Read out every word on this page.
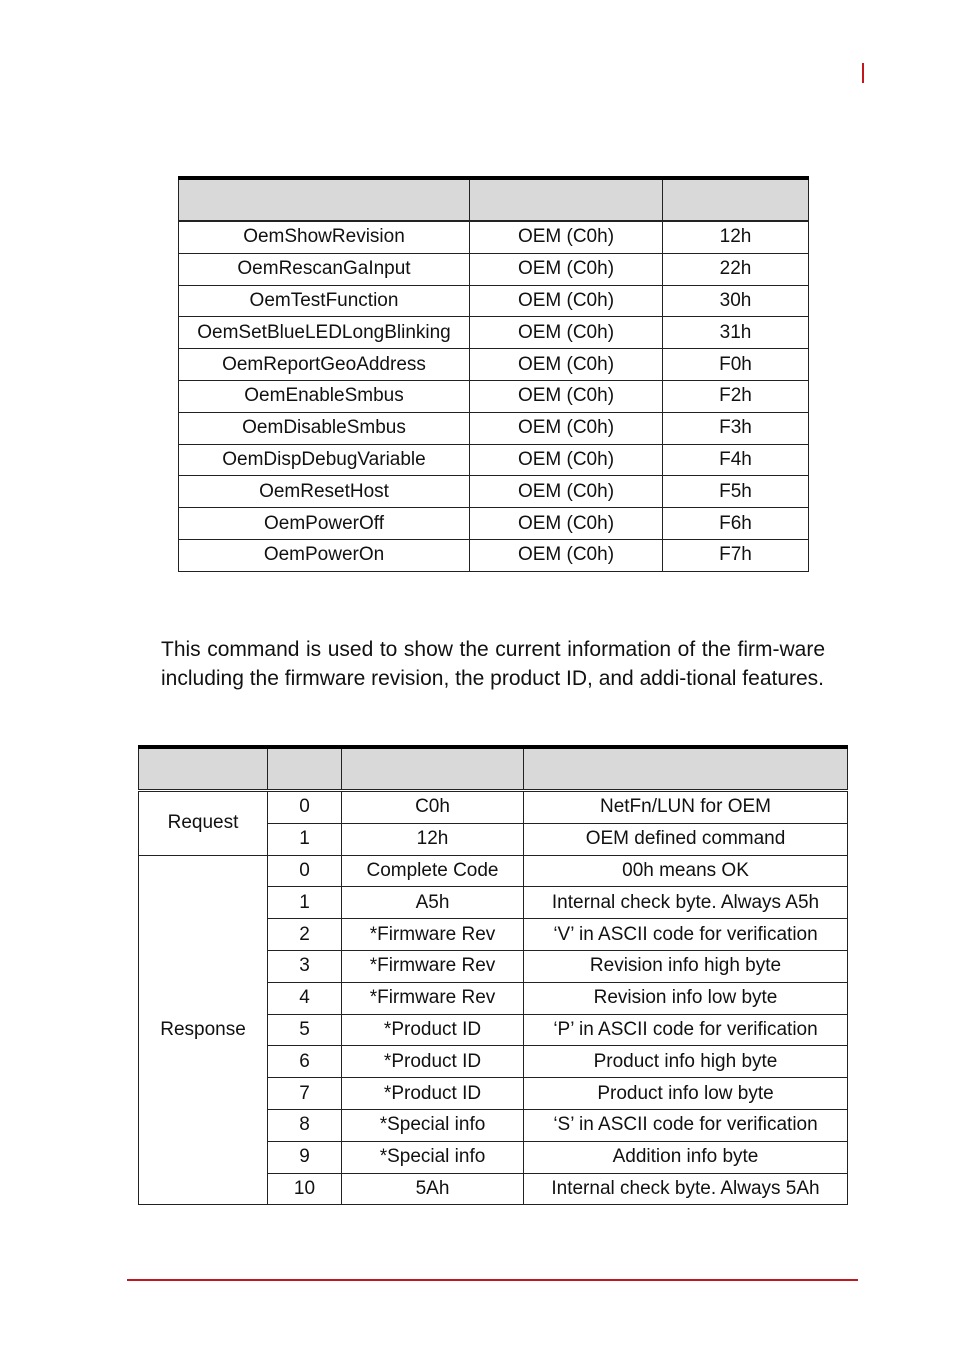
OemShowRevision	OEM (C0h)	12h
OemRescanGaInput	OEM (C0h)	22h
OemTestFunction	OEM (C0h)	30h
OemSetBlueLEDLongBlinking	OEM (C0h)	31h
OemReportGeoAddress	OEM (C0h)	F0h
OemEnableSmbus	OEM (C0h)	F2h
OemDisableSmbus	OEM (C0h)	F3h
OemDispDebugVariable	OEM (C0h)	F4h
OemResetHost	OEM (C0h)	F5h
OemPowerOff	OEM (C0h)	F6h
OemPowerOn	OEM (C0h)	F7h

This command is used to show the current information of the firm-ware including the firmware revision, the product ID, and addi-tional features.

Request	0	C0h	NetFn/LUN for OEM
	1	12h	OEM defined command
Response	0	Complete Code	00h means OK
	1	A5h	Internal check byte. Always A5h
	2	*Firmware Rev	‘V’ in ASCII code for verification
	3	*Firmware Rev	Revision info high byte
	4	*Firmware Rev	Revision info low byte
	5	*Product ID	‘P’ in ASCII code for verification
	6	*Product ID	Product info high byte
	7	*Product ID	Product info low byte
	8	*Special info	‘S’ in ASCII code for verification
	9	*Special info	Addition info byte
	10	5Ah	Internal check byte. Always 5Ah
